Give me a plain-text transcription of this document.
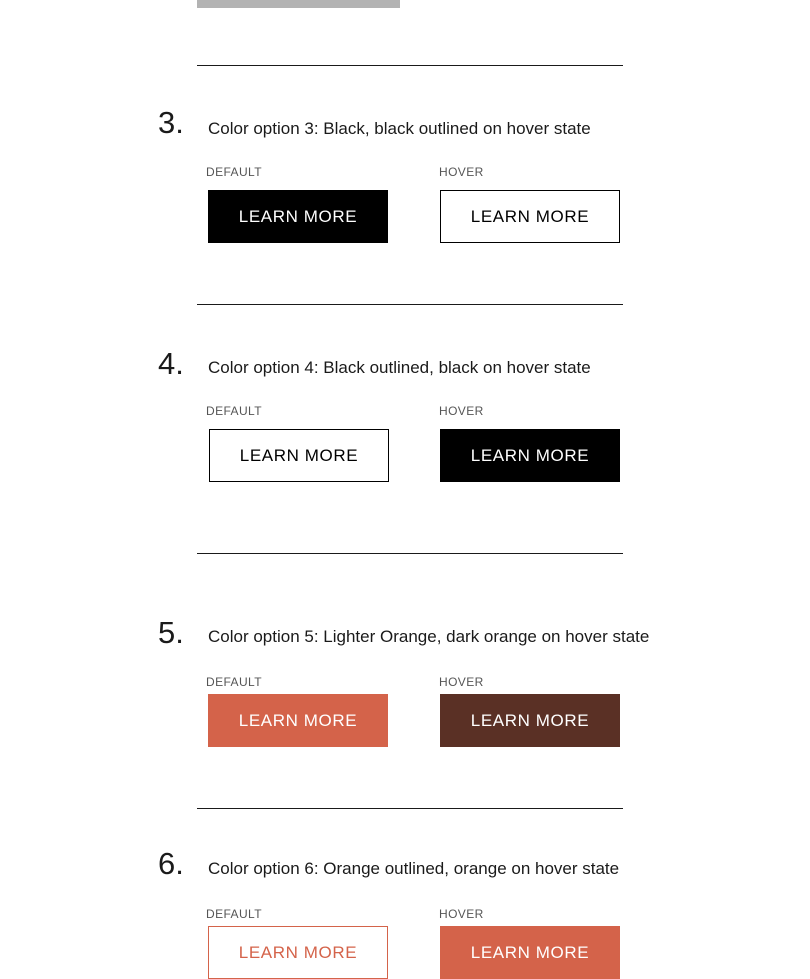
3. Color option 3: Black, black outlined on hover state
DEFAULT	HOVER
LEARN MORE	LEARN MORE
4. Color option 4: Black outlined, black on hover state
DEFAULT	HOVER
LEARN MORE	LEARN MORE
5. Color option 5: Lighter Orange, dark orange on hover state
DEFAULT	HOVER
LEARN MORE	LEARN MORE
6. Color option 6: Orange outlined, orange on hover state
DEFAULT	HOVER
LEARN MORE	LEARN MORE
